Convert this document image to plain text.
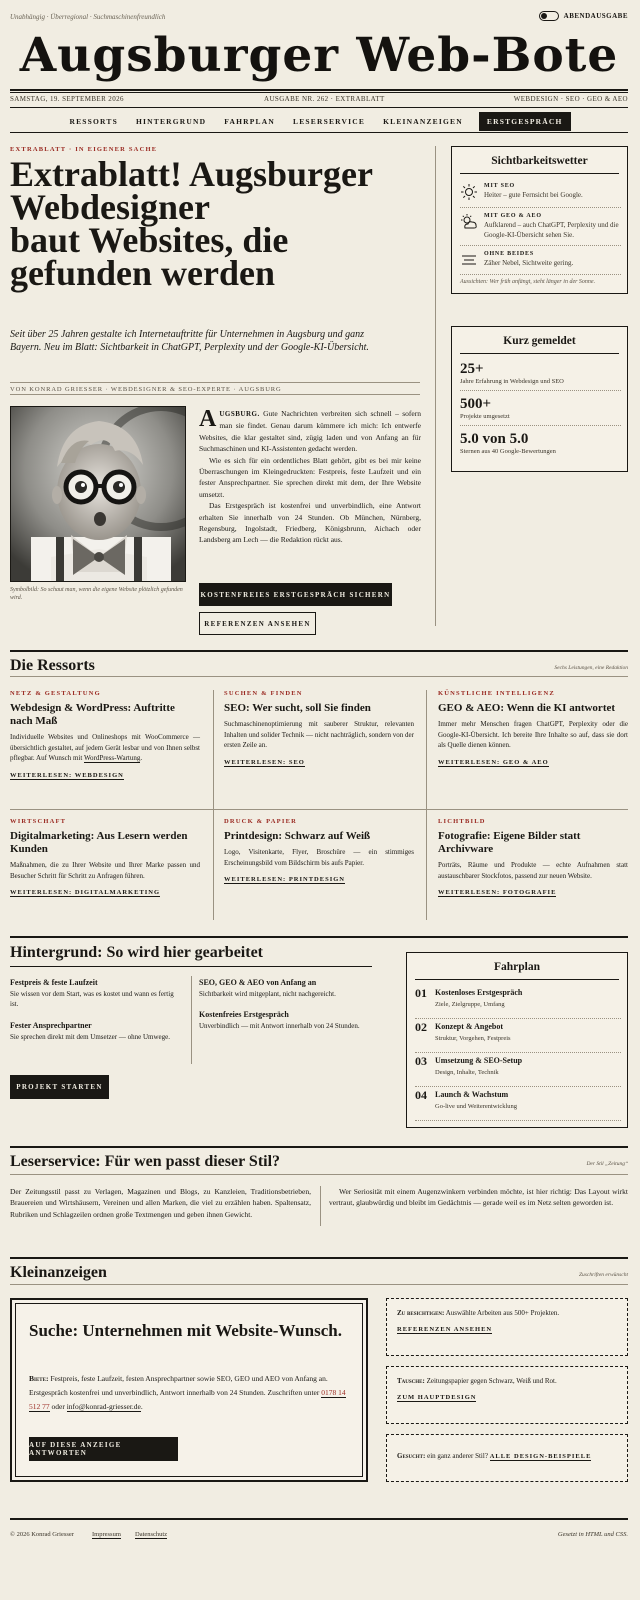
Unabhängig · Überregional · Suchmaschinenfreundlich	ABENDAUSGABE
Augsburger Web-Bote
SAMSTAG, 19. SEPTEMBER 2026	AUSGABE NR. 262 · EXTRABLATT	WEBDESIGN · SEO · GEO & AEO
RESSORTS HINTERGRUND FAHRPLAN LESERSERVICE KLEINANZEIGEN	ERSTGESPRÄCH
EXTRABLATT · IN EIGENER SACHE
Extrablatt! Augsburger
Webdesigner
baut Websites, die
gefunden werden

Seit über 25 Jahren gestalte ich Internetauftritte für Unternehmen in Augsburg und ganz Bayern. Neu im Blatt: Sichtbarkeit in ChatGPT, Perplexity und der Google-KI-Übersicht.

VON KONRAD GRIESSER · WEBDESIGNER & SEO-EXPERTE · AUGSBURG
Symbolbild: So schaut man, wenn die eigene Website plötzlich gefunden wird.

AUGSBURG. Gute Nachrichten verbreiten sich schnell – sofern man sie findet. Genau darum kümmere ich mich: Ich entwerfe Websites, die klar gestaltet sind, zügig laden und von Anfang an für Suchmaschinen und KI-Assistenten gedacht werden.

Wie es sich für ein ordentliches Blatt gehört, gibt es bei mir keine Überraschungen im Kleingedruckten: Festpreis, feste Laufzeit und ein fester Ansprechpartner. Sie sprechen direkt mit dem, der Ihre Website umsetzt.

Das Erstgespräch ist kostenfrei und unverbindlich, eine Antwort erhalten Sie innerhalb von 24 Stunden. Ob München, Nürnberg, Regensburg, Ingolstadt, Friedberg, Königsbrunn, Aichach oder Landsberg am Lech — die Redaktion rückt aus.

KOSTENFREIES ERSTGESPRÄCH SICHERN
REFERENZEN ANSEHEN
Sichtbarkeitswetter
MIT SEO
Heiter – gute Fernsicht bei Google.
MIT GEO & AEO
Aufklarend – auch ChatGPT, Perplexity und die Google-KI-Übersicht sehen Sie.
OHNE BEIDES
Zäher Nebel, Sichtweite gering.
Aussichten: Wer früh anfängt, steht länger in der Sonne.
Kurz gemeldet
25+
Jahre Erfahrung in Webdesign und SEO
500+
Projekte umgesetzt
5.0 von 5.0
Sternen aus 40 Google-Bewertungen
Die Ressorts	Sechs Leistungen, eine Redaktion
NETZ & GESTALTUNG
Webdesign & WordPress: Auftritte nach Maß
Individuelle Websites und Onlineshops mit WooCommerce — übersichtlich gestaltet, auf jedem Gerät lesbar und von Ihnen selbst pflegbar. Auf Wunsch mit WordPress-Wartung.
WEITERLESEN: WEBDESIGN
SUCHEN & FINDEN
SEO: Wer sucht, soll Sie finden
Suchmaschinenoptimierung mit sauberer Struktur, relevanten Inhalten und solider Technik — nicht nachträglich, sondern von der ersten Zeile an.
WEITERLESEN: SEO
KÜNSTLICHE INTELLIGENZ
GEO & AEO: Wenn die KI antwortet
Immer mehr Menschen fragen ChatGPT, Perplexity oder die Google-KI-Übersicht. Ich bereite Ihre Inhalte so auf, dass sie dort als Quelle dienen können.
WEITERLESEN: GEO & AEO
WIRTSCHAFT
Digitalmarketing: Aus Lesern werden Kunden
Maßnahmen, die zu Ihrer Website und Ihrer Marke passen und Besucher Schritt für Schritt zu Anfragen führen.
WEITERLESEN: DIGITALMARKETING
DRUCK & PAPIER
Printdesign: Schwarz auf Weiß
Logo, Visitenkarte, Flyer, Broschüre — ein stimmiges Erscheinungsbild vom Bildschirm bis aufs Papier.
WEITERLESEN: PRINTDESIGN
LICHTBILD
Fotografie: Eigene Bilder statt Archivware
Porträts, Räume und Produkte — echte Aufnahmen statt austauschbarer Stockfotos, passend zur neuen Website.
WEITERLESEN: FOTOGRAFIE
Hintergrund: So wird hier gearbeitet
Festpreis & feste Laufzeit
Sie wissen vor dem Start, was es kostet und wann es fertig ist.
SEO, GEO & AEO von Anfang an
Sichtbarkeit wird mitgeplant, nicht nachgereicht.
Fester Ansprechpartner
Sie sprechen direkt mit dem Umsetzer — ohne Umwege.
Kostenfreies Erstgespräch
Unverbindlich — mit Antwort innerhalb von 24 Stunden.
PROJEKT STARTEN
Fahrplan
01 Kostenloses Erstgespräch
Ziele, Zielgruppe, Umfang
02 Konzept & Angebot
Struktur, Vorgehen, Festpreis
03 Umsetzung & SEO-Setup
Design, Inhalte, Technik
04 Launch & Wachstum
Go-live und Weiterentwicklung
Leserservice: Für wen passt dieser Stil?	Der Stil „Zeitung“
Der Zeitungsstil passt zu Verlagen, Magazinen und Blogs, zu Kanzleien, Traditionsbetrieben, Brauereien und Wirtshäusern, Vereinen und allen Marken, die viel zu erzählen haben. Spaltensatz, Rubriken und Schlagzeilen ordnen große Textmengen und geben ihnen Gewicht.
Wer Seriosität mit einem Augenzwinkern verbinden möchte, ist hier richtig: Das Layout wirkt vertraut, glaubwürdig und bleibt im Gedächtnis — gerade weil es im Netz selten geworden ist.
Kleinanzeigen	Zuschriften erwünscht
Suche: Unternehmen mit Website-Wunsch.
Biete: Festpreis, feste Laufzeit, festen Ansprechpartner sowie SEO, GEO und AEO von Anfang an. Erstgespräch kostenfrei und unverbindlich, Antwort innerhalb von 24 Stunden. Zuschriften unter 0178 14 512 77 oder info@konrad-griesser.de.
AUF DIESE ANZEIGE ANTWORTEN
Zu besichtigen: Auswählte Arbeiten aus 500+ Projekten.
REFERENZEN ANSEHEN
Tausche: Zeitungspapier gegen Schwarz, Weiß und Rot.
ZUM HAUPTDESIGN
Gesucht: ein ganz anderer Stil? ALLE DESIGN-BEISPIELE
© 2026 Konrad Griesser	Impressum Datenschutz	Gesetzt in HTML und CSS.
